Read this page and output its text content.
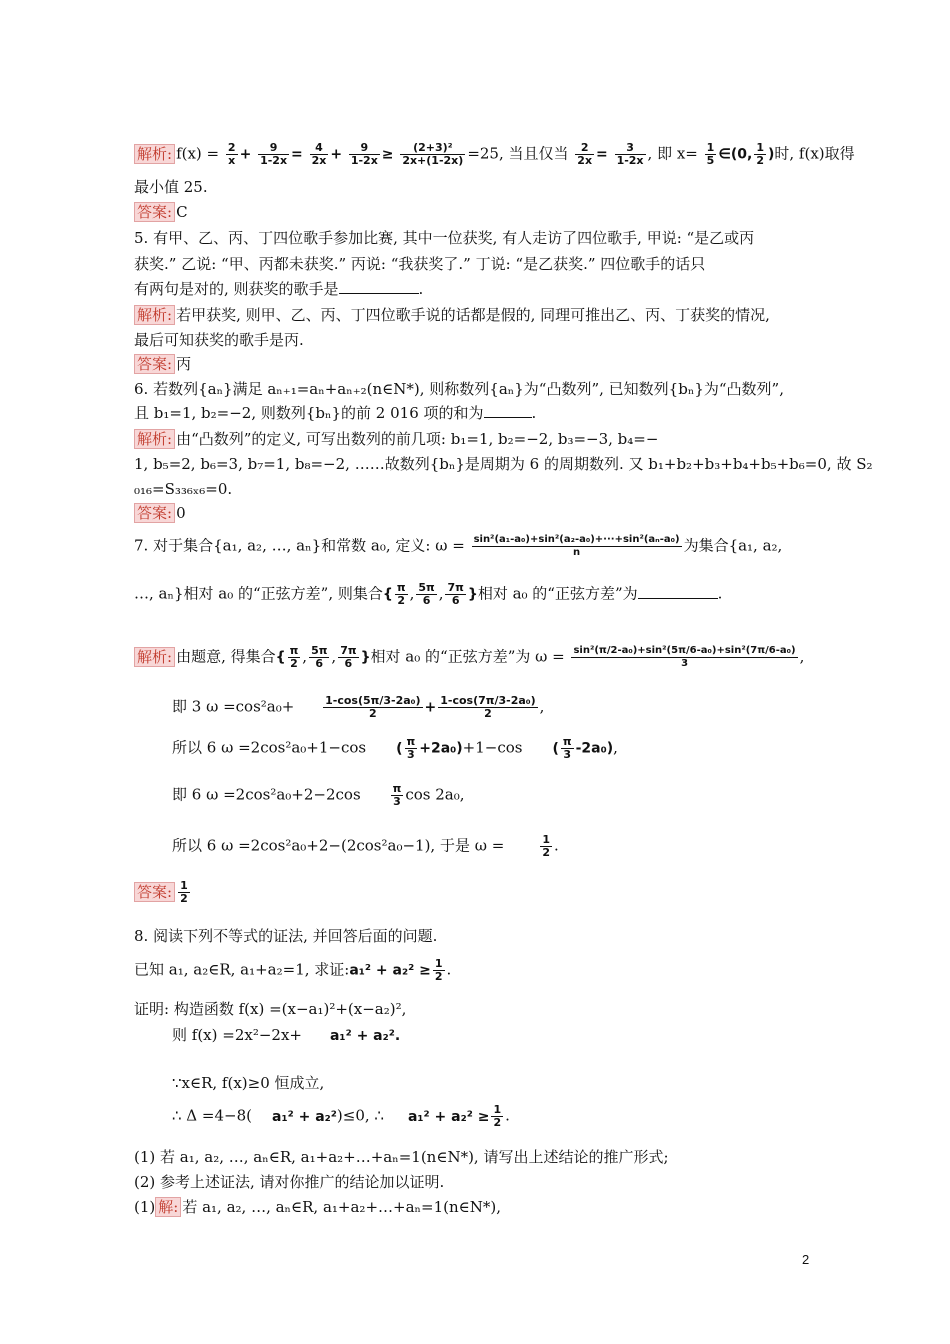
解析: $f(x) = \frac{2}{x} + \frac{9}{1-2x} = \frac{4}{2x} + \frac{9}{1-2x} \ge \frac{\text{(2+3)²}}{2x+(1-2x)} =25$, 当且仅当 $\frac{2}{2x} = \frac{3}{1-2x}$ , 即 $x= \frac{1}{5}$ ∈(0, $\frac{1}{2}$ )时, f(x)取得
最小值 25.
答案: C
5. 有甲、乙、丙、丁四位歌手参加比赛, 其中一位获奖, 有人走访了四位歌手, 甲说: “是乙或丙
获奖.” 乙说: “甲、丙都未获奖.” 丙说: “我获奖了.” 丁说: “是乙获奖.” 四位歌手的话只
有两句是对的, 则获奖的歌手是	.
解析: 若甲获奖, 则甲、乙、丙、丁四位歌手说的话都是假的, 同理可推出乙、丙、丁获奖的情况,
最后可知获奖的歌手是丙.
答案: 丙
6. 若数列{aₙ}满足 aₙ₊₁=aₙ+aₙ₊₂(n∈N*), 则称数列{aₙ}为“凸数列”, 已知数列{bₙ}为“凸数列”,
且 b₁=1, b₂=−2, 则数列{bₙ}的前 2 016 项的和为	.
解析: 由“凸数列”的定义, 可写出数列的前几项: b₁=1, b₂=−2, b₃=−3, b₄=−
1, b₅=2, b₆=3, b₇=1, b₈=−2, ……故数列{bₙ}是周期为 6 的周期数列. 又 b₁+b₂+b₃+b₄+b₅+b₆=0, 故 S₂
₀₁₆=S₃₃₆ₓ₆=0.
答案: 0
7. 对于集合{a₁, a₂, …, aₙ}和常数 a₀, 定义: $\omega = \frac{\text{sin²(a₁-a₀)+sin²(a₂-a₀)+···+sin²(aₙ-a₀)}}{n}$ 为集合{a₁, a₂,
…, aₙ}相对 a₀ 的“正弦方差”, 则集合{ $\frac{\pi}{2}$ , $\frac{5\pi}{6}$ , $\frac{7\pi}{6}$ }相对 a₀ 的“正弦方差”为	.
解析: 由题意, 得集合{ $\frac{\pi}{2}$ , $\frac{5\pi}{6}$ , $\frac{7\pi}{6}$ }相对 a₀ 的“正弦方差”为 $\omega = \frac{\text{sin²(π/2-a₀)+sin²(5π/6-a₀)+sin²(7π/6-a₀)}}{3}$ ,
即 3 ω =cos²a₀+	$\frac{\text{1-cos(5π/3-2a₀)}}{2} + \frac{\text{1-cos(7π/3-2a₀)}}{2}$ ,
所以 6 ω =2cos²a₀+1−cos ( $\frac{\pi}{3} +2a_0)+1-\cos$ ( $\frac{\pi}{3} -2a_0$),
即 6 ω =2cos²a₀+2−2cos	$\frac{\pi}{3}$ cos 2a₀,
所以 6 ω =2cos²a₀+2−(2cos²a₀−1), 于是 ω =	$\frac{1}{2}$ .
答案: $\frac{1}{2}$
8. 阅读下列不等式的证法, 并回答后面的问题.
已知 a₁, a₂∈R, a₁+a₂=1, 求证:a₁² + $a_2^2 \ge \frac{1}{2}$ .
证明: 构造函数 f(x) =(x−a₁)²+(x−a₂)²,
则 f(x) =2x²−2x+ a₁² + a₂².
∵x∈R, f(x)≥0 恒成立,
∴ Δ =4−8( a₁² + a₂²)≤0, ∴ $a_1^2 + a_2^2 \ge \frac{1}{2}$ .
(1) 若 a₁, a₂, …, aₙ∈R, a₁+a₂+…+aₙ=1(n∈N*), 请写出上述结论的推广形式;
(2) 参考上述证法, 请对你推广的结论加以证明.
(1) 解: 若 a₁, a₂, …, aₙ∈R, a₁+a₂+…+aₙ=1(n∈N*),
2
